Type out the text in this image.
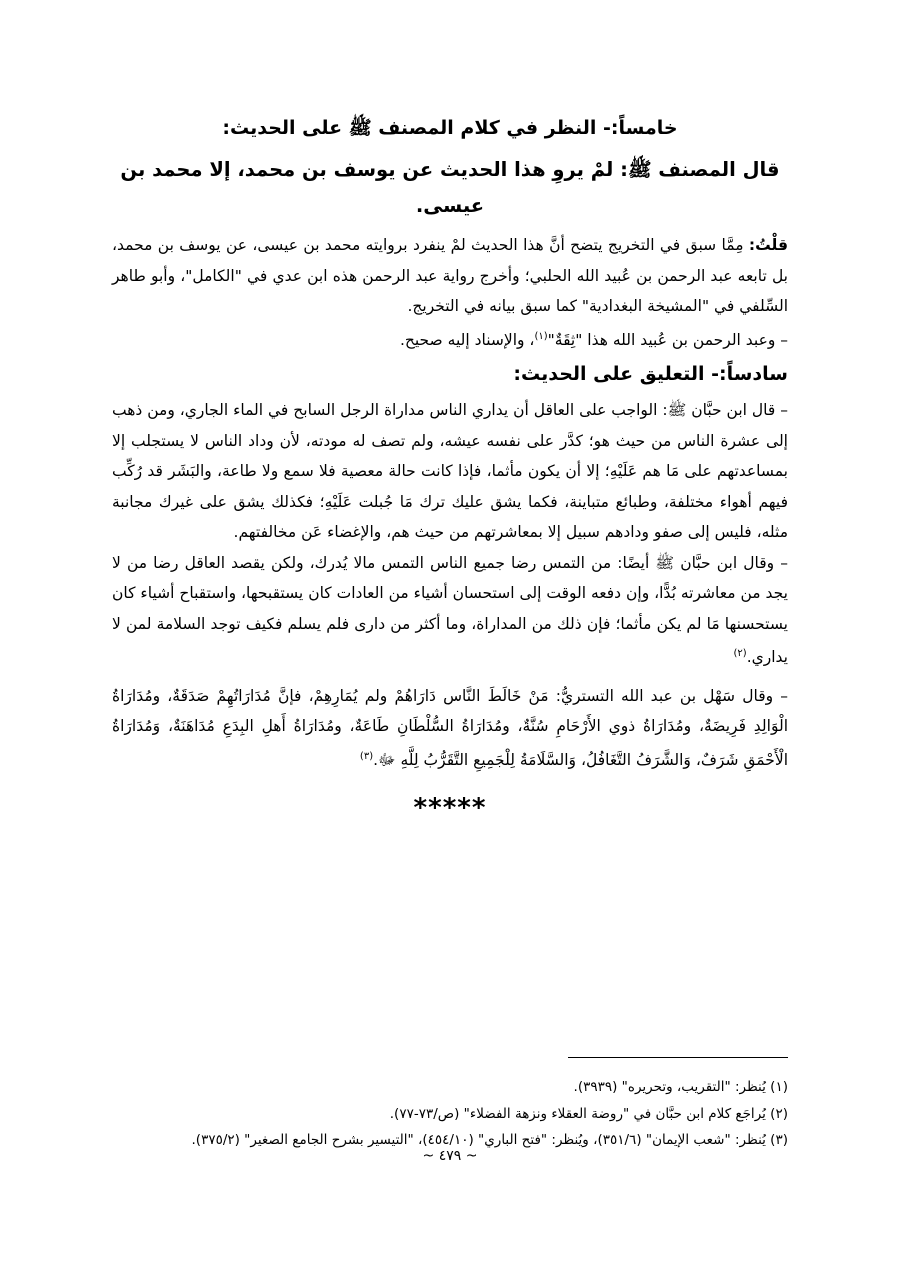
خامساً:- النظر في كلام المصنف ﷺ على الحديث:
قال المصنف ﷺ: لمْ يروِ هذا الحديث عن يوسف بن محمد، إلا محمد بن عيسى.

قلْتُ: مِمَّا سبق في التخريج يتضح أنَّ هذا الحديث لمْ ينفرد بروايته محمد بن عيسى، عن يوسف بن محمد، بل تابعه عبد الرحمن بن عُبيد الله الحلبي؛ وأخرج رواية عبد الرحمن هذه ابن عدي في "الكامل"، وأبو طاهر السِّلفي في "المشيخة البغدادية" كما سبق بيانه في التخريج.

– وعبد الرحمن بن عُبيد الله هذا "ثِقَةٌ"$^{(١)}$، والإسناد إليه صحيح.

سادساً:- التعليق على الحديث:

– قال ابن حبَّان ﷺ: الواجب على العاقل أن يداري الناس مداراة الرجل السابح في الماء الجاري، ومن ذهب إلى عشرة الناس من حيث هو؛ كدَّر على نفسه عيشه، ولم تصف له مودته، لأن وداد الناس لا يستجلب إلا بمساعدتهم على مَا هم عَلَيْهِ؛ إلا أن يكون مأثما، فإذا كانت حالة معصية فلا سمع ولا طاعة، والبَشَر قد رُكِّب فيهم أهواء مختلفة، وطبائع متباينة، فكما يشق عليك ترك مَا جُبلت عَلَيْهِ؛ فكذلك يشق على غيرك مجانبة مثله، فليس إلى صفو ودادهم سبيل إلا بمعاشرتهم من حيث هم، والإغضاء عَن مخالفتهم.

– وقال ابن حبَّان ﷺ أيضًا: من التمس رضا جميع الناس التمس مالا يُدرك، ولكن يقصد العاقل رضا من لا يجد من معاشرته بُدًّا، وإن دفعه الوقت إلى استحسان أشياء من العادات كان يستقبحها، واستقباح أشياء كان يستحسنها مَا لم يكن مأثما؛ فإن ذلك من المداراة، وما أكثر من دارى فلم يسلم فكيف توجد السلامة لمن لا يداري.$^{(٢)}$

– وقال سَهْل بن عبد الله التستريُّ: مَنْ خَالَطَ النَّاس دَارَاهُمْ ولم يُمَارِهِمْ، فإنَّ مُدَارَاتُهِمْ صَدَقَةٌ، ومُدَارَاةُ الْوَالِدِ فَرِيضَةٌ، ومُدَارَاةُ ذوي الأَرْحَامِ سُنَّةٌ، ومُدَارَاةُ السُّلْطَانِ طَاعَةٌ، ومُدَارَاةُ أَهلِ البِدَعِ مُدَاهَنَةٌ، وَمُدَارَاةُ الْأَحْمَقِ شَرَفٌ، وَالشَّرَفُ التَّغَافُلُ، وَالسَّلَامَةُ لِلْجَمِيعِ التَّقَرُّبُ لِلَّهِ ﷻ.$^{(٣)}$

*****

(١) يُنظر: "التقريب، وتحريره" (٣٩٣٩).

(٢) يُراجَع كلام ابن حبَّان في "روضة العقلاء ونزهة الفضلاء" (ص/٧٣-٧٧).

(٣) يُنظر: "شعب الإيمان" (٣٥١/٦)، ويُنظر: "فتح الباري" (٤٥٤/١٠)، "التيسير بشرح الجامع الصغير" (٣٧٥/٢).

~ ٤٧٩ ~
